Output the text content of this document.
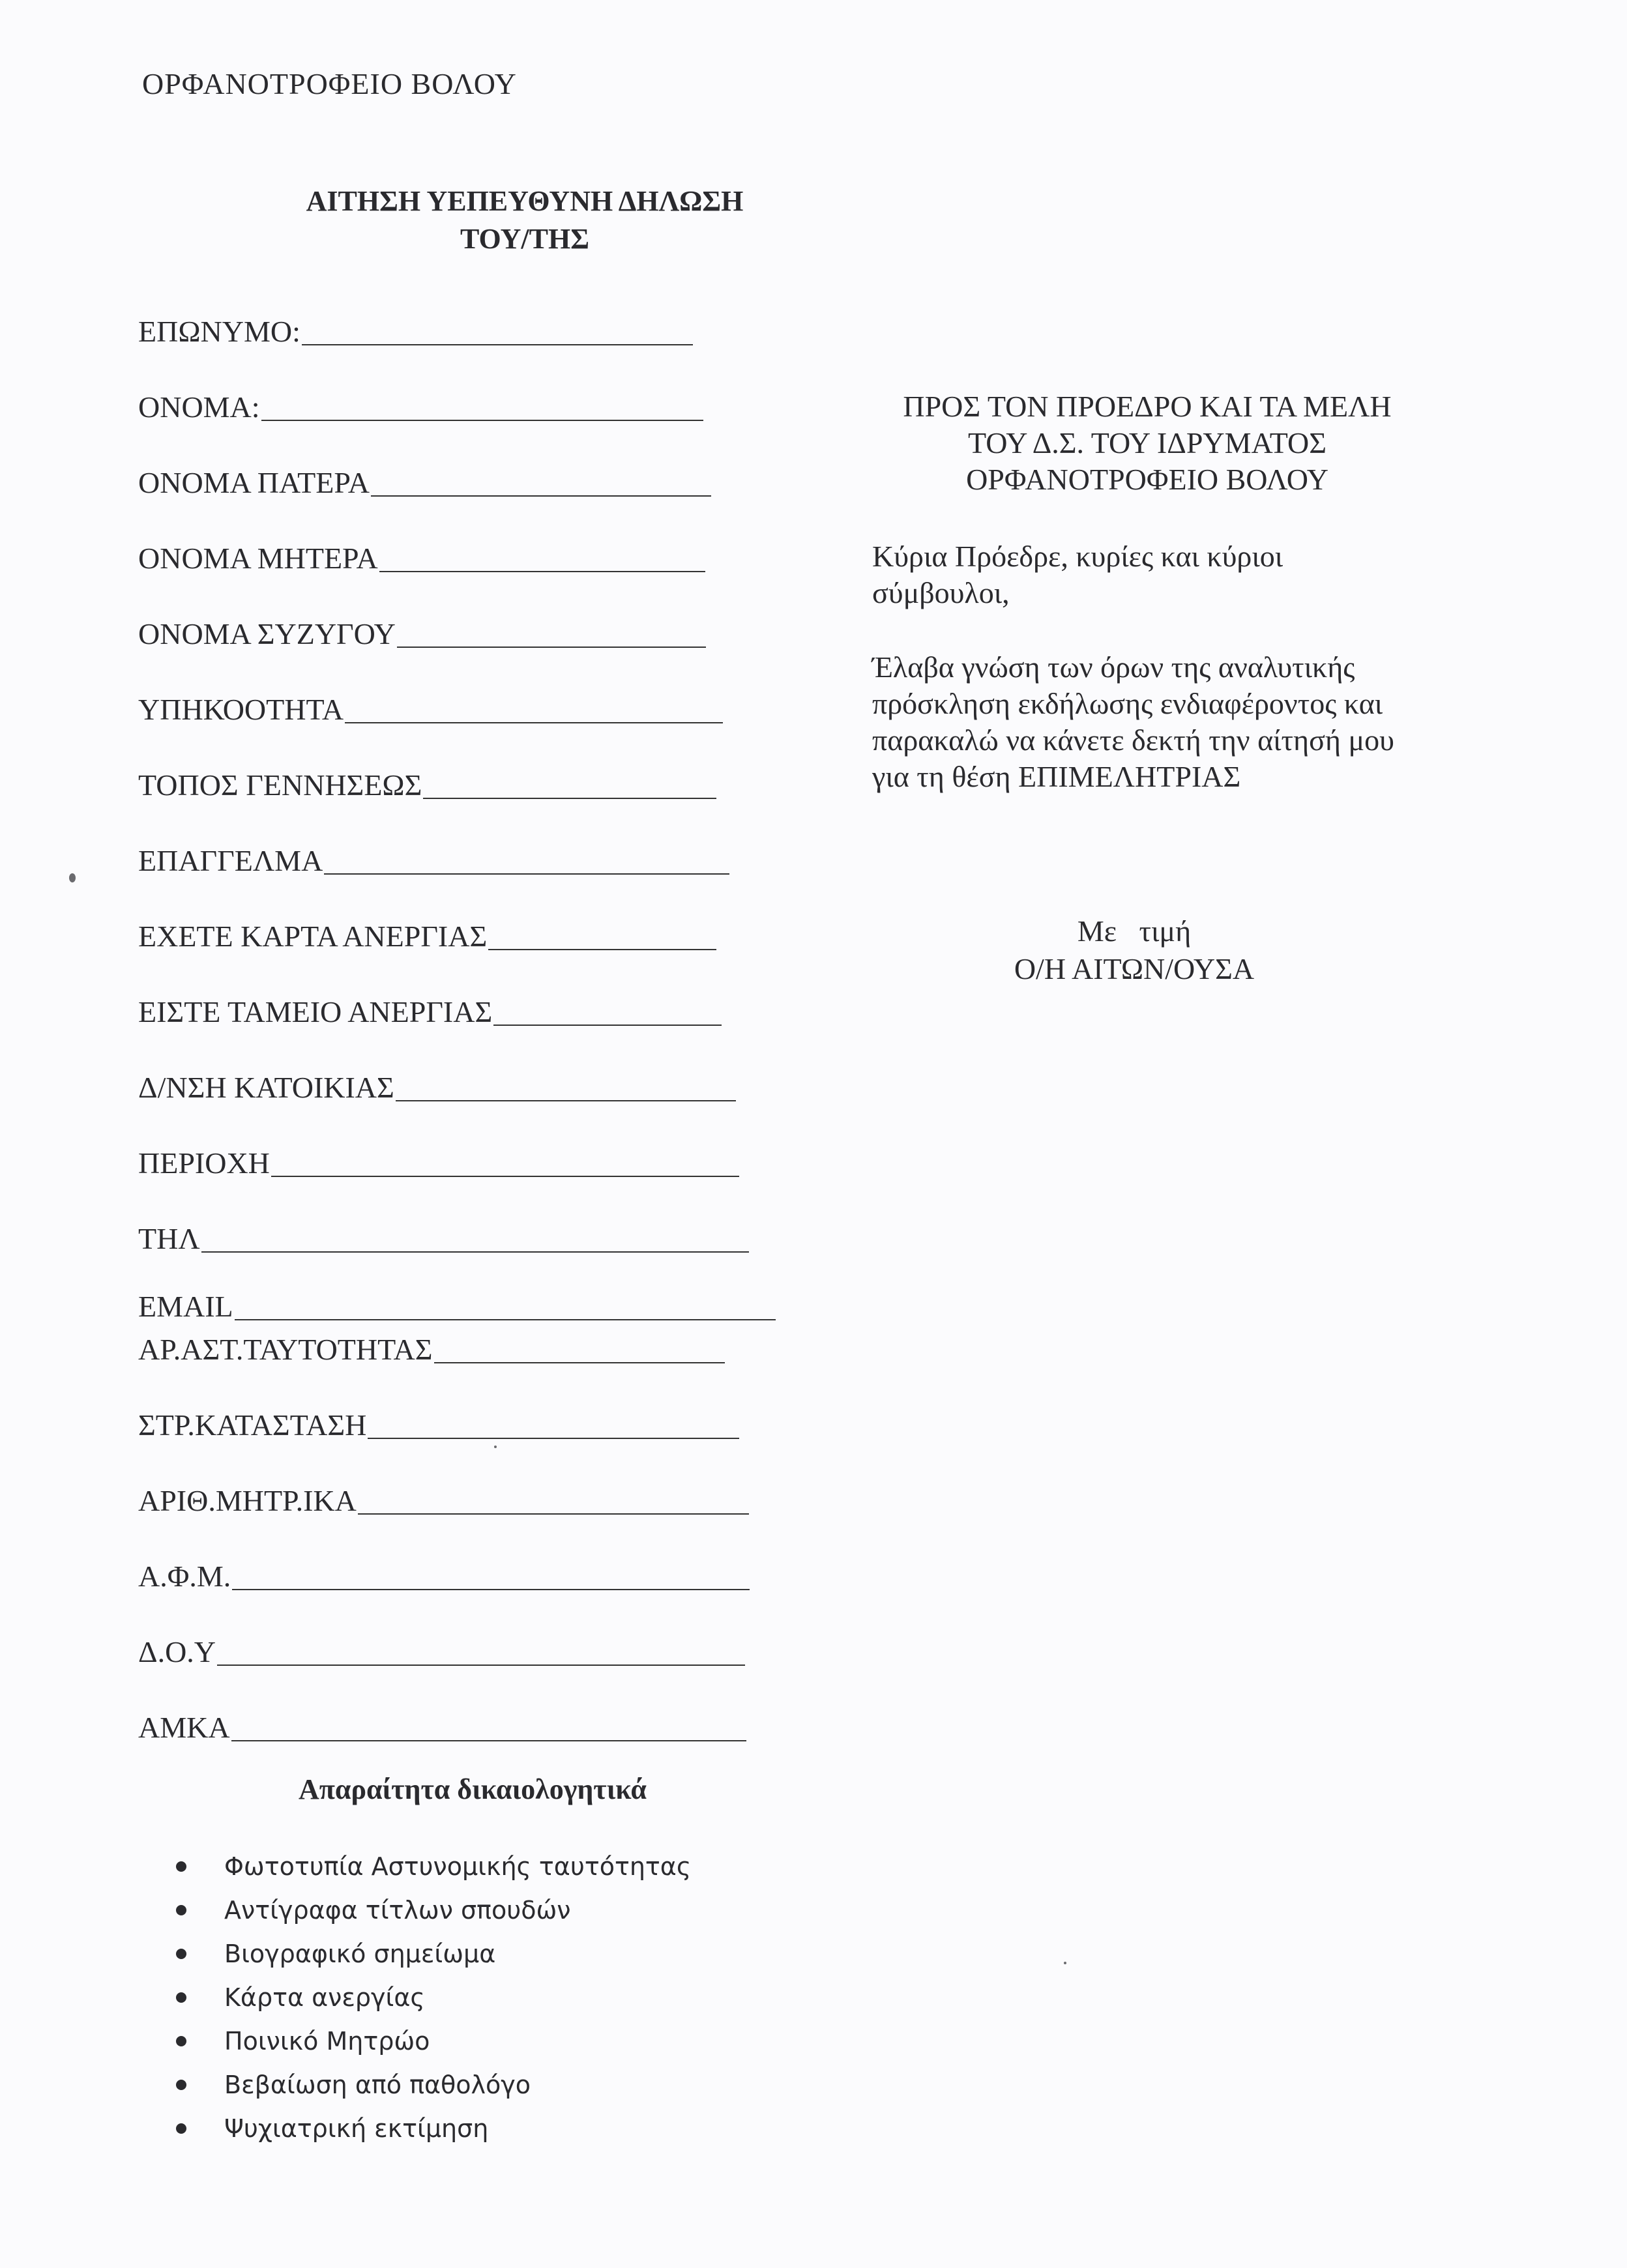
ΟΡΦΑΝΟΤΡΟΦΕΙΟ ΒΟΛΟΥ
ΑΙΤΗΣΗ ΥΕΠΕΥΘΥΝΗ ΔΗΛΩΣΗ
ΤΟΥ/ΤΗΣ
ΕΠΩΝΥΜΟ:
ΟΝΟΜΑ:
ΟΝΟΜΑ ΠΑΤΕΡΑ
ΟΝΟΜΑ ΜΗΤΕΡΑ
ΟΝΟΜΑ ΣΥΖΥΓΟΥ
ΥΠΗΚΟΟΤΗΤΑ
ΤΟΠΟΣ ΓΕΝΝΗΣΕΩΣ
ΕΠΑΓΓΕΛΜΑ
ΕΧΕΤΕ ΚΑΡΤΑ ΑΝΕΡΓΙΑΣ
ΕΙΣΤΕ ΤΑΜΕΙΟ ΑΝΕΡΓΙΑΣ
Δ/ΝΣΗ ΚΑΤΟΙΚΙΑΣ
ΠΕΡΙΟΧΗ
ΤΗΛ
EMAIL
ΑΡ.ΑΣΤ.ΤΑΥΤΟΤΗΤΑΣ
ΣΤΡ.ΚΑΤΑΣΤΑΣΗ
ΑΡΙΘ.ΜΗΤΡ.ΙΚΑ
Α.Φ.Μ.
Δ.Ο.Υ
ΑΜΚΑ
ΠΡΟΣ ΤΟΝ ΠΡΟΕΔΡΟ ΚΑΙ ΤΑ ΜΕΛΗ
ΤΟΥ Δ.Σ. ΤΟΥ ΙΔΡΥΜΑΤΟΣ
ΟΡΦΑΝΟΤΡΟΦΕΙΟ ΒΟΛΟΥ
Κύρια Πρόεδρε, κυρίες και κύριοι
σύμβουλοι,
Έλαβα γνώση των όρων της αναλυτικής
πρόσκληση εκδήλωσης ενδιαφέροντος και
παρακαλώ να κάνετε δεκτή την αίτησή μου
για τη θέση ΕΠΙΜΕΛΗΤΡΙΑΣ
Με   τιμή
Ο/Η ΑΙΤΩΝ/ΟΥΣΑ
Απαραίτητα δικαιολογητικά
Φωτοτυπία Αστυνομικής ταυτότητας
Αντίγραφα τίτλων σπουδών
Βιογραφικό σημείωμα
Κάρτα ανεργίας
Ποινικό Μητρώο
Βεβαίωση από παθολόγο
Ψυχιατρική εκτίμηση
